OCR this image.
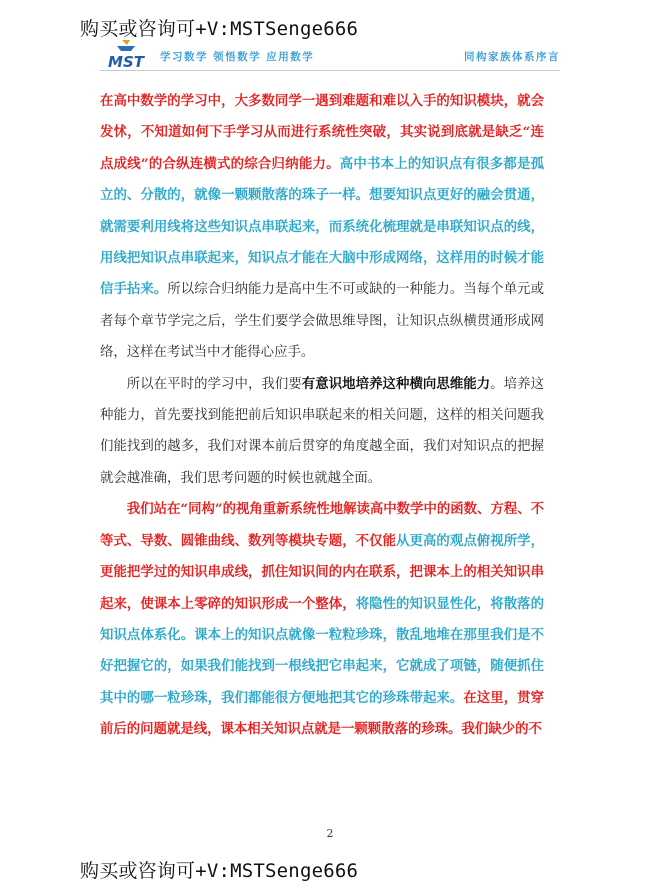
购买或咨询可+V:MSTSenge666
MST 学习数学 领悟数学 应用数学	同构家族体系序言

在高中数学的学习中，大多数同学一遇到难题和难以入手的知识模块，就会发怵，不知道如何下手学习从而进行系统性突破，其实说到底就是缺乏“连点成线”的合纵连横式的综合归纳能力。高中书本上的知识点有很多都是孤立的、分散的，就像一颗颗散落的珠子一样。想要知识点更好的融会贯通，就需要利用线将这些知识点串联起来，而系统化梳理就是串联知识点的线，用线把知识点串联起来，知识点才能在大脑中形成网络，这样用的时候才能信手拈来。所以综合归纳能力是高中生不可或缺的一种能力。当每个单元或者每个章节学完之后，学生们要学会做思维导图，让知识点纵横贯通形成网络，这样在考试当中才能得心应手。

所以在平时的学习中，我们要有意识地培养这种横向思维能力。培养这种能力，首先要找到能把前后知识串联起来的相关问题，这样的相关问题我们能找到的越多，我们对课本前后贯穿的角度越全面，我们对知识点的把握就会越准确，我们思考问题的时候也就越全面。

我们站在“同构”的视角重新系统性地解读高中数学中的函数、方程、不等式、导数、圆锥曲线、数列等模块专题，不仅能从更高的观点俯视所学，更能把学过的知识串成线，抓住知识间的内在联系，把课本上的相关知识串起来，使课本上零碎的知识形成一个整体，将隐性的知识显性化，将散落的知识点体系化。课本上的知识点就像一粒粒珍珠，散乱地堆在那里我们是不好把握它的，如果我们能找到一根线把它串起来，它就成了项链，随便抓住其中的哪一粒珍珠，我们都能很方便地把其它的珍珠带起来。在这里，贯穿前后的问题就是线，课本相关知识点就是一颗颗散落的珍珠。我们缺少的不

2
购买或咨询可+V:MSTSenge666
